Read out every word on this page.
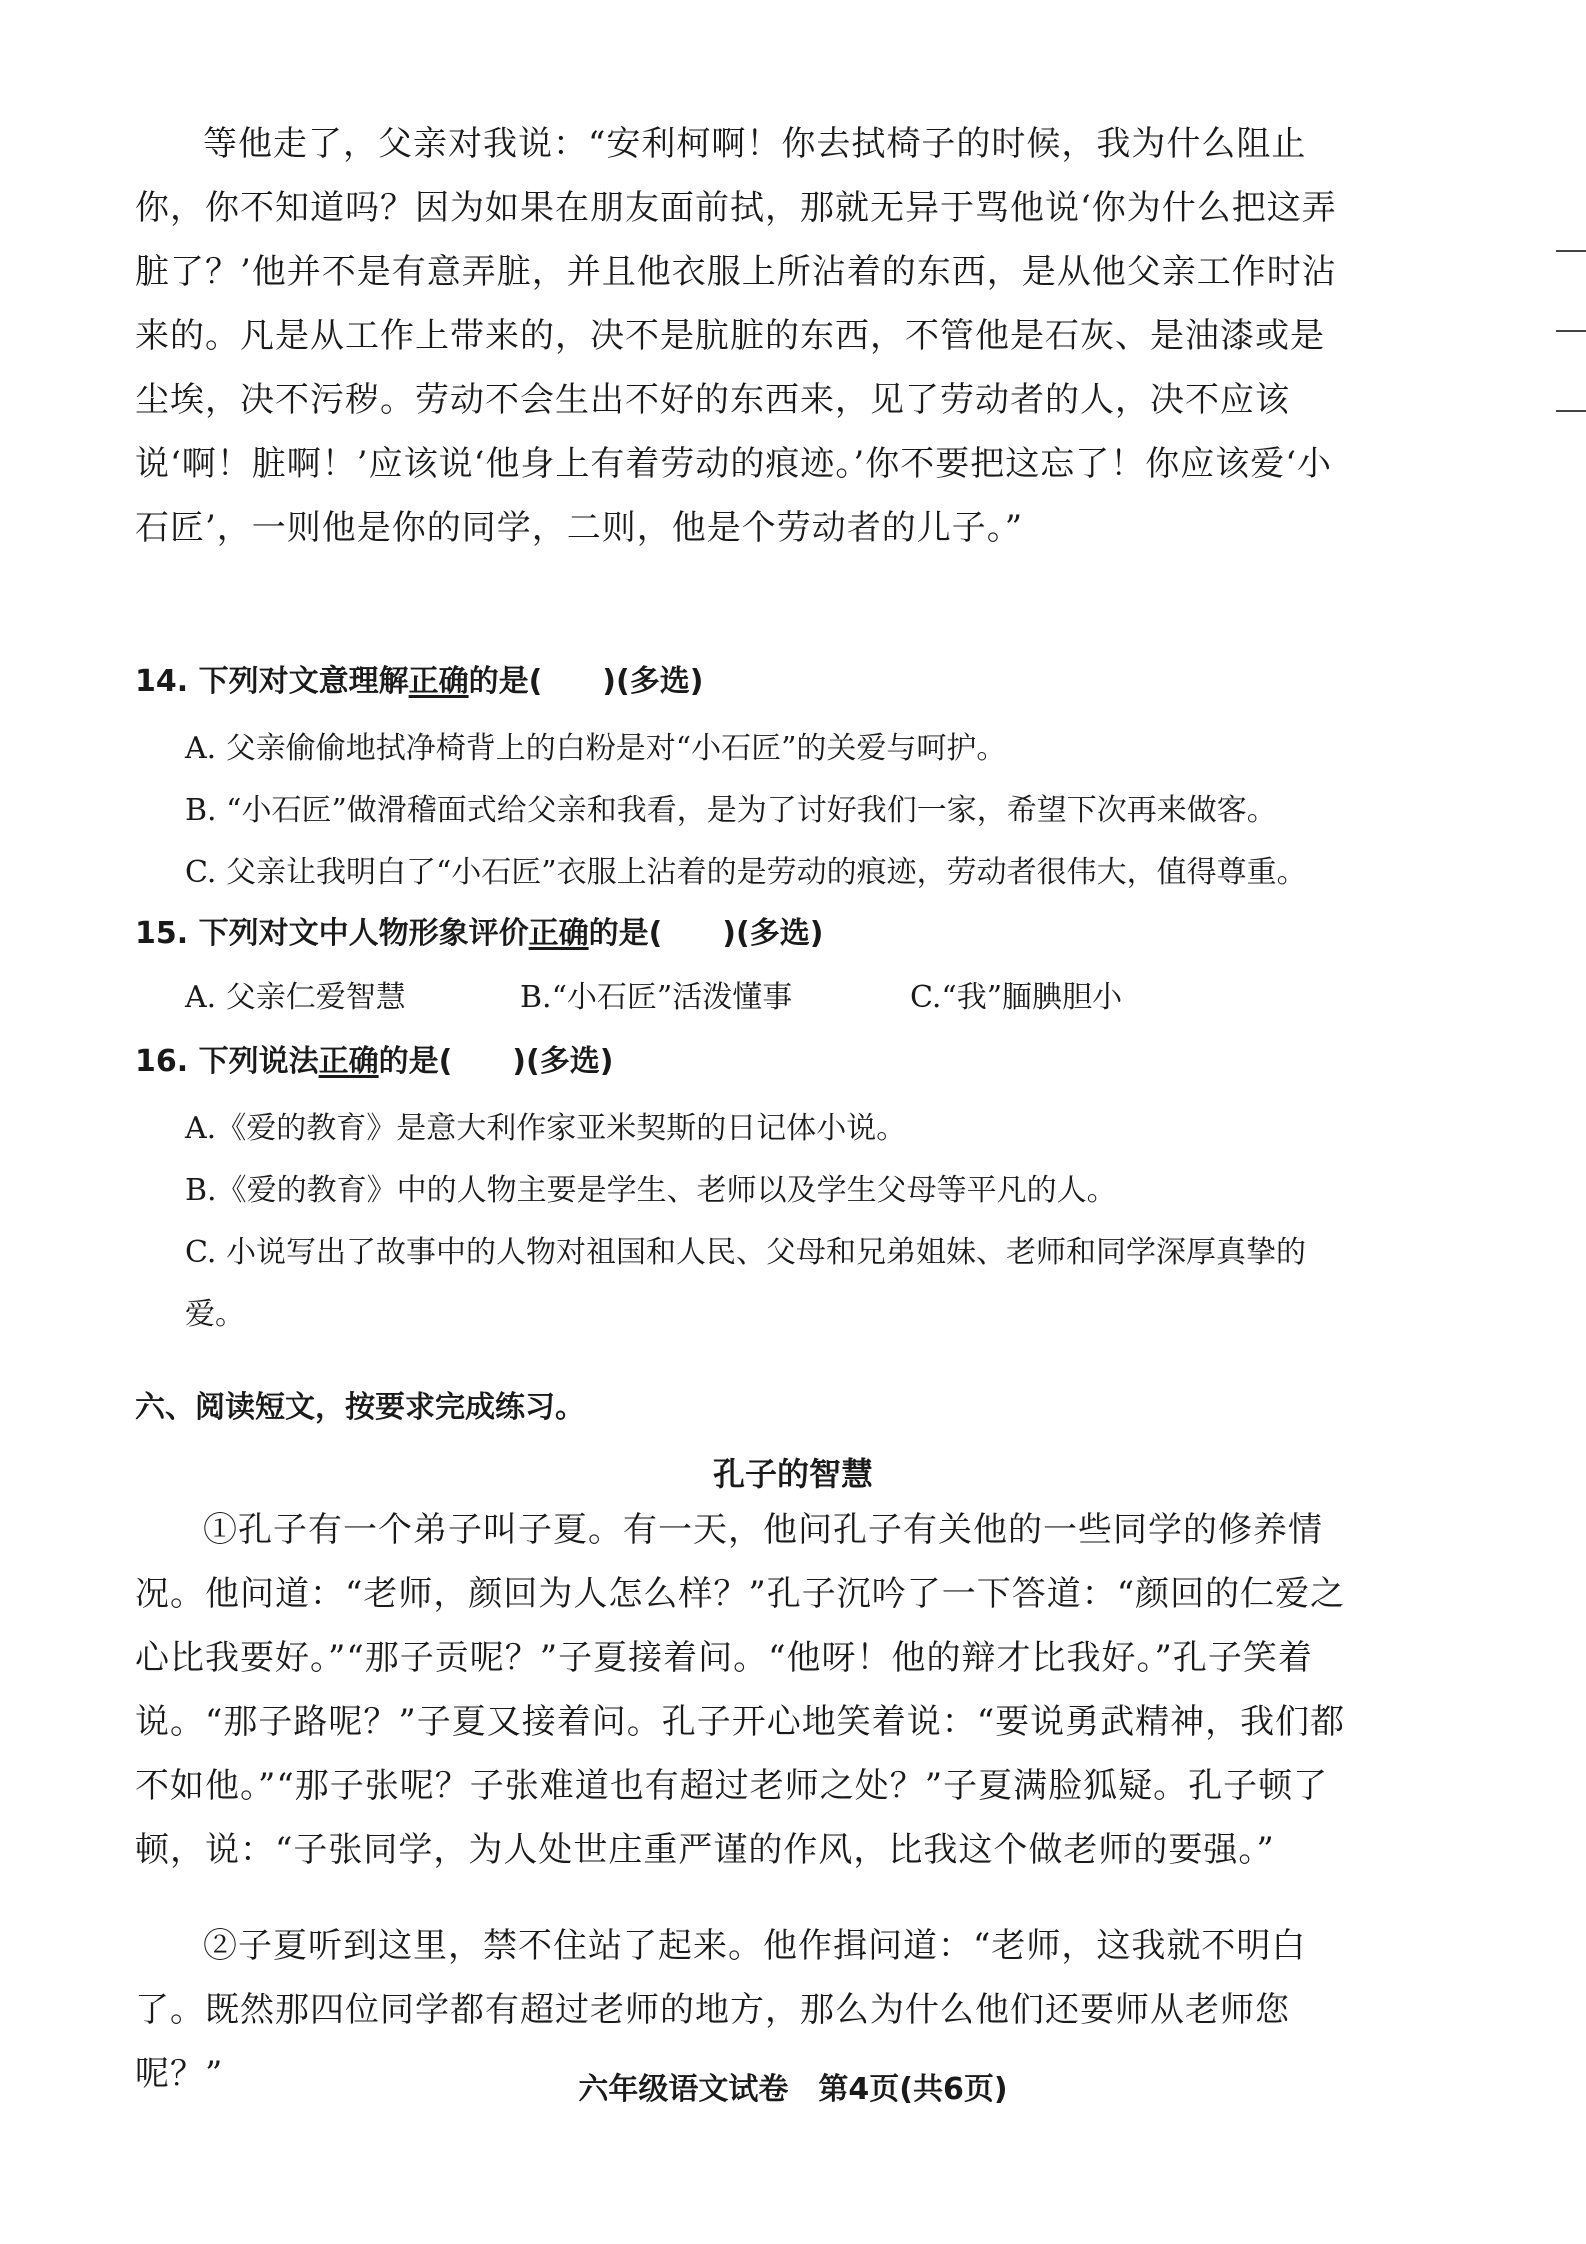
等他走了，父亲对我说：“安利柯啊！你去拭椅子的时候，我为什么阻止你，你不知道吗？因为如果在朋友面前拭，那就无异于骂他说‘你为什么把这弄脏了？’他并不是有意弄脏，并且他衣服上所沾着的东西，是从他父亲工作时沾来的。凡是从工作上带来的，决不是肮脏的东西，不管他是石灰、是油漆或是尘埃，决不污秽。劳动不会生出不好的东西来，见了劳动者的人，决不应该说‘啊！脏啊！’应该说‘他身上有着劳动的痕迹。’你不要把这忘了！你应该爱‘小石匠’，一则他是你的同学，二则，他是个劳动者的儿子。”

14. 下列对文意理解正确的是(　　)(多选)

A. 父亲偷偷地拭净椅背上的白粉是对“小石匠”的关爱与呵护。

B. “小石匠”做滑稽面式给父亲和我看，是为了讨好我们一家，希望下次再来做客。

C. 父亲让我明白了“小石匠”衣服上沾着的是劳动的痕迹，劳动者很伟大，值得尊重。

15. 下列对文中人物形象评价正确的是(　　)(多选)
A. 父亲仁爱智慧	B.“小石匠”活泼懂事	C.“我”腼腆胆小
16. 下列说法正确的是(　　)(多选)

A.《爱的教育》是意大利作家亚米契斯的日记体小说。

B.《爱的教育》中的人物主要是学生、老师以及学生父母等平凡的人。

C. 小说写出了故事中的人物对祖国和人民、父母和兄弟姐妹、老师和同学深厚真挚的爱。

六、阅读短文，按要求完成练习。
孔子的智慧

①孔子有一个弟子叫子夏。有一天，他问孔子有关他的一些同学的修养情况。他问道：“老师，颜回为人怎么样？”孔子沉吟了一下答道：“颜回的仁爱之心比我要好。”“那子贡呢？”子夏接着问。“他呀！他的辩才比我好。”孔子笑着说。“那子路呢？”子夏又接着问。孔子开心地笑着说：“要说勇武精神，我们都不如他。”“那子张呢？子张难道也有超过老师之处？”子夏满脸狐疑。孔子顿了顿，说：“子张同学，为人处世庄重严谨的作风，比我这个做老师的要强。”

②子夏听到这里，禁不住站了起来。他作揖问道：“老师，这我就不明白了。既然那四位同学都有超过老师的地方，那么为什么他们还要师从老师您呢？”	六年级语文试卷　第4页(共6页)
